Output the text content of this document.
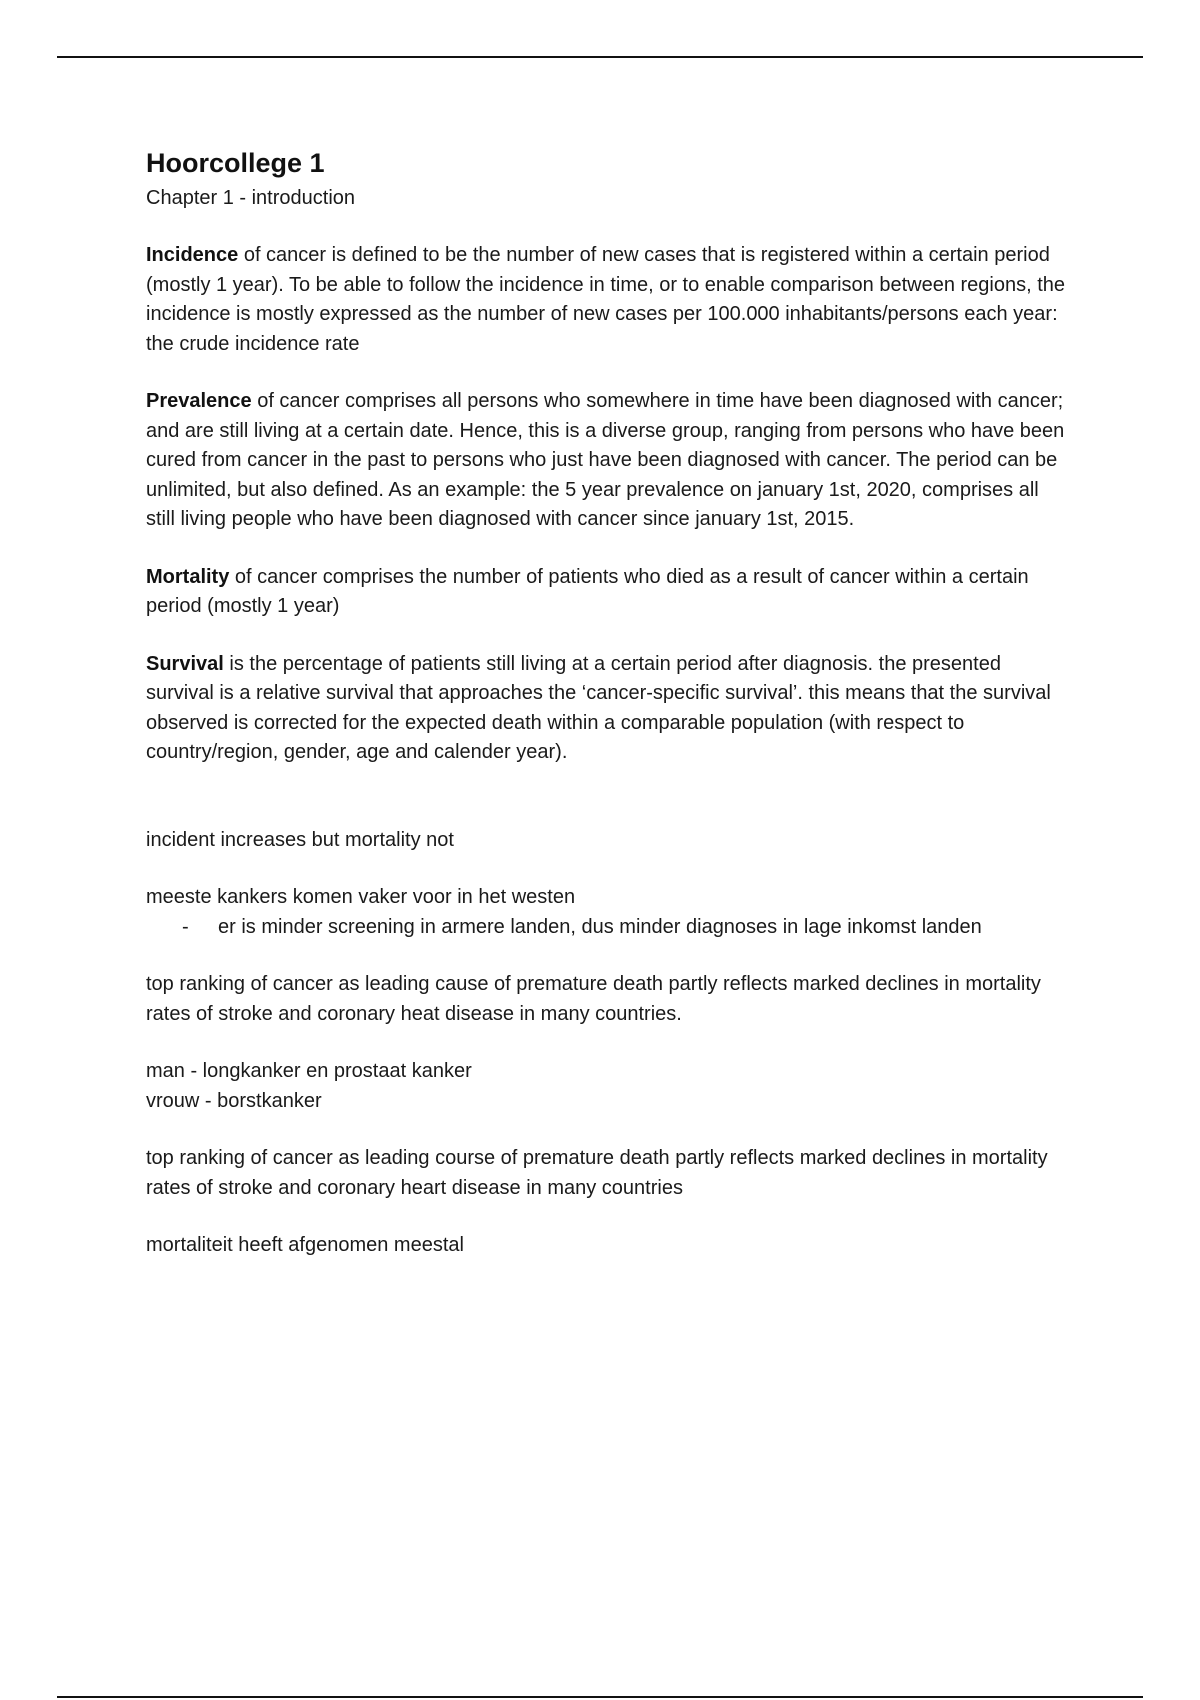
Hoorcollege 1
Chapter 1 - introduction

Incidence of cancer is defined to be the number of new cases that is registered within a certain period (mostly 1 year). To be able to follow the incidence in time, or to enable comparison between regions, the incidence is mostly expressed as the number of new cases per 100.000 inhabitants/persons each year: the crude incidence rate

Prevalence of cancer comprises all persons who somewhere in time have been diagnosed with cancer; and are still living at a certain date. Hence, this is a diverse group, ranging from persons who have been cured from cancer in the past to persons who just have been diagnosed with cancer. The period can be unlimited, but also defined. As an example: the 5 year prevalence on january 1st, 2020, comprises all still living people who have been diagnosed with cancer since january 1st, 2015.

Mortality of cancer comprises the number of patients who died as a result of cancer within a certain period (mostly 1 year)

Survival is the percentage of patients still living at a certain period after diagnosis. the presented survival is a relative survival that approaches the ‘cancer-specific survival’. this means that the survival observed is corrected for the expected death within a comparable population (with respect to country/region, gender, age and calender year).

incident increases but mortality not

meeste kankers komen vaker voor in het westen

- er is minder screening in armere landen, dus minder diagnoses in lage inkomst landen

top ranking of cancer as leading cause of premature death partly reflects marked declines in mortality rates of stroke and coronary heat disease in many countries.

man - longkanker en prostaat kanker

vrouw - borstkanker

top ranking of cancer as leading course of premature death partly reflects marked declines in mortality rates of stroke and coronary heart disease in many countries

mortaliteit heeft afgenomen meestal
